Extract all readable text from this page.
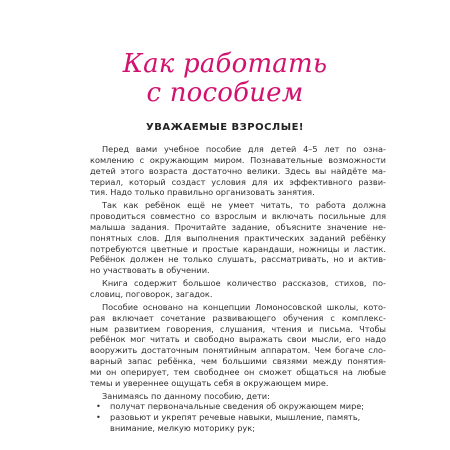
Как работать
с пособием
УВАЖАЕМЫЕ ВЗРОСЛЫЕ!
Перед вами учебное пособие для детей 4–5 лет по озна-
комлению с окружающим миром. Познавательные возможности
детей этого возраста достаточно велики. Здесь вы найдёте ма-
териал, который создаст условия для их эффективного разви-
тия. Надо только правильно организовать занятия.
Так как ребёнок ещё не умеет читать, то работа должна
проводиться совместно со взрослым и включать посильные для
малыша задания. Прочитайте задание, объясните значение не-
понятных слов. Для выполнения практических заданий ребёнку
потребуются цветные и простые карандаши, ножницы и ластик.
Ребёнок должен не только слушать, рассматривать, но и актив-
но участвовать в обучении.
Книга содержит большое количество рассказов, стихов, по-
словиц, поговорок, загадок.
Пособие основано на концепции Ломоносовской школы, кото-
рая включает сочетание развивающего обучения с комплекс-
ным развитием говорения, слушания, чтения и письма. Чтобы
ребёнок мог читать и свободно выражать свои мысли, его надо
вооружить достаточным понятийным аппаратом. Чем богаче сло-
варный запас ребёнка, чем большими связями между понятия-
ми он оперирует, тем свободнее он сможет общаться на любые
темы и увереннее ощущать себя в окружающем мире.
Занимаясь по данному пособию, дети:
• получат первоначальные сведения об окружающем мире;
• разовьют и укрепят речевые навыки, мышление, память,
внимание, мелкую моторику рук;
